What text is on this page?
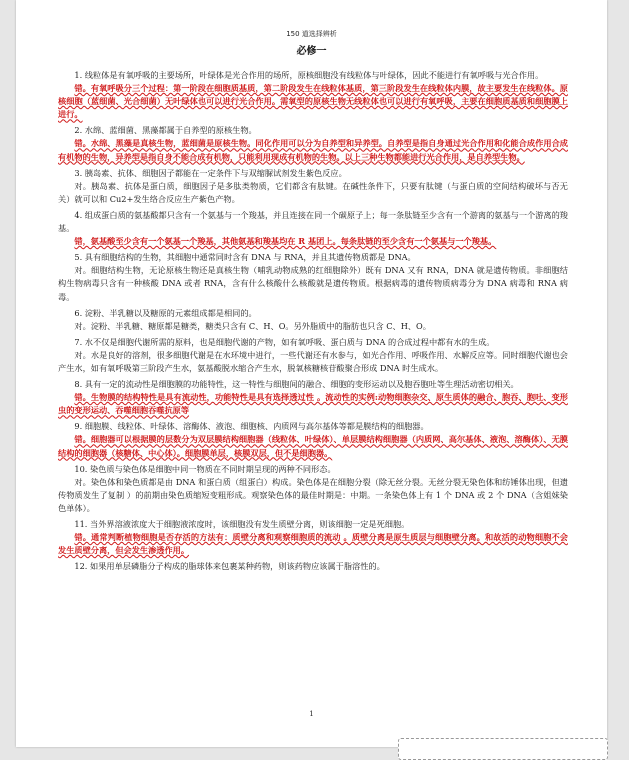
150 道选择辨析
必修一

1. 线粒体是有氧呼吸的主要场所，叶绿体是光合作用的场所，原核细胞没有线粒体与叶绿体，因此不能进行有氧呼吸与光合作用。

错。有氧呼吸分三个过程：第一阶段在细胞质基质，第二阶段发生在线粒体基质，第三阶段发生在线粒体内膜，故主要发生在线粒体。原核细胞（蓝细菌、光合细菌）无叶绿体也可以进行光合作用。需氧型的原核生物无线粒体也可以进行有氧呼吸，主要在细胞质基质和细胞膜上进行。

2. 水绵、蓝细菌、黑藻都属于自养型的原核生物。

错。水绵、黑藻是真核生物，蓝细菌是原核生物。同化作用可以分为自养型和异养型。自养型是指自身通过光合作用和化能合成作用合成有机物的生物，异养型是指自身不能合成有机物，只能利用现成有机物的生物。以上三种生物都能进行光合作用，是自养型生物。

3. 胰岛素、抗体、细胞因子都能在一定条件下与双缩脲试剂发生紫色反应。

对。胰岛素、抗体是蛋白质，细胞因子是多肽类物质，它们都含有肽键。在碱性条件下，只要有肽键（与蛋白质的空间结构破坏与否无关）就可以和 Cu2+发生络合反应生产紫色产物。

4. 组成蛋白质的氨基酸都只含有一个氨基与一个羧基，并且连接在同一个碳原子上；每一条肽链至少含有一个游离的氨基与一个游离的羧基。

错，氨基酸至少含有一个氨基一个羧基，其他氨基和羧基均在 R 基团上。每条肽链的至少含有一个氨基与一个羧基。

5. 具有细胞结构的生物，其细胞中通常同时含有 DNA 与 RNA，并且其遗传物质都是 DNA。

对。细胞结构生物，无论原核生物还是真核生物（哺乳动物成熟的红细胞除外）既有 DNA 又有 RNA，DNA 就是遗传物质。非细胞结构生物病毒只含有一种核酸 DNA 或者 RNA，含有什么核酸什么核酸就是遗传物质。根据病毒的遗传物质病毒分为 DNA 病毒和 RNA 病毒。

6. 淀粉、半乳糖以及糖原的元素组成都是相同的。

对。淀粉、半乳糖、糖原都是糖类，糖类只含有 C、H、O。另外脂质中的脂肪也只含 C、H、O。

7. 水不仅是细胞代谢所需的原料，也是细胞代谢的产物，如有氧呼吸、蛋白质与 DNA 的合成过程中都有水的生成。

对。水是良好的溶剂，很多细胞代谢是在水环境中进行，一些代谢还有水参与，如光合作用、呼吸作用、水解反应等。同时细胞代谢也会产生水，如有氧呼吸第三阶段产生水，氨基酸脱水缩合产生水，脱氧核糖核苷酸聚合形成 DNA 时生成水。

8. 具有一定的流动性是细胞膜的功能特性，这一特性与细胞间的融合、细胞的变形运动以及胞吞胞吐等生理活动密切相关。

错。生物膜的结构特性是具有流动性，功能特性是具有选择透过性 。流动性的实例:动物细胞杂交、原生质体的融合、胞吞、胞吐、变形虫的变形运动、吞噬细胞吞噬抗原等

9. 细胞膜、线粒体、叶绿体、溶酶体、液泡、细胞核、内质网与高尔基体等都是膜结构的细胞器。

错。细胞器可以根据膜的层数分为双层膜结构细胞器（线粒体、叶绿体）、单层膜结构细胞器（内质网、高尔基体、液泡、溶酶体）、无膜结构的细胞器（核糖体、中心体）。细胞膜单层，核膜双层，但不是细胞器。

10. 染色质与染色体是细胞中同一物质在不同时期呈现的两种不同形态。

对。染色体和染色质都是由 DNA 和蛋白质（组蛋白）构成。染色体是在细胞分裂（除无丝分裂。无丝分裂无染色体和纺锤体出现，但遗传物质发生了复制 ）的前期由染色质缩短变粗形成。观察染色体的最佳时期是：中期。一条染色体上有 1 个 DNA 或 2 个 DNA（含姐妹染色单体）。

11. 当外界溶液浓度大于细胞液浓度时，该细胞没有发生质壁分离，则该细胞一定是死细胞。

错。通常判断植物细胞是否存活的方法有：质壁分离和观察细胞质的流动 。质壁分离是原生质层与细胞壁分离。和故活的动物细胞不会发生质壁分离，但会发生渗透作用。

12. 如果用单层磷脂分子构成的脂球体来包裹某种药物，则该药物应该属于脂溶性的。

1
